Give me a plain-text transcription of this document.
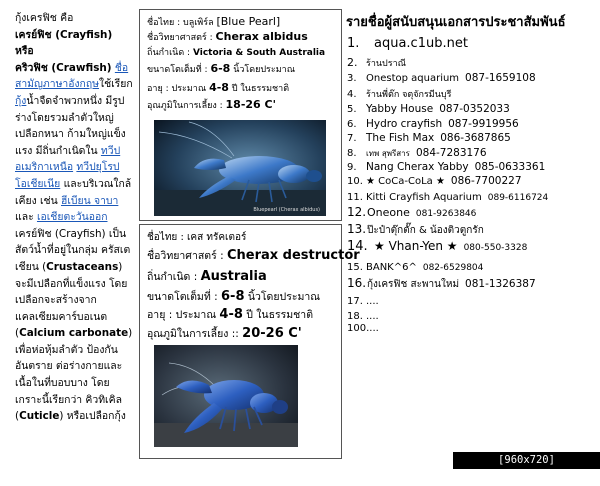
กุ้งเครฟิช คือ
เครย์ฟิช (Crayfish) หรือ
คริวฟิช (Crawfish) ชื่อสามัญภาษาอังกฤษใช้เรียก กุ้งน้ำจืดจำพวกหนึ่ง มีรูปร่างโดยรวมลำตัวใหญ่ เปลือกหนา ก้ามใหญ่แข็งแรง มีถิ่นกำเนิดใน ทวีปอเมริกาเหนือ ทวีปยุโรป โอเชียเนีย และบริเวณใกล้เคียง เช่น ฮีเบียน จาบา และ เอเชียตะวันออก

เครย์ฟิช (Crayfish) เป็นสัตว์น้ำที่อยู่ในกลุ่ม ครัสเตเชียน (Crustaceans) จะมีเปลือกที่แข็งแรง โดยเปลือกจะสร้างจากแคลเซียมคาร์บอเนต (Calcium carbonate) เพื่อห่อหุ้มลำตัว ป้องกันอันตราย ต่อร่างกายและเนื้อในที่บอบบาง โดยเกราะนี้เรียกว่า คิวทิเคิล (Cuticle) หรือเปลือกกุ้ง

ชื่อไทย : บลูเพิร์ล [Blue Pearl]
ชื่อวิทยาศาสตร์ : Cherax albidus
ถิ่นกำเนิด : Victoria & South Australia
ขนาดโตเต็มที่ : 6-8 นิ้วโดยประมาณ
อายุ : ประมาณ 4-8 ปี ในธรรมชาติ
อุณภูมิในการเลี้ยง : 18-26 C'
Bluepearl (Cherax albidus)
ชื่อไทย : เคส ทรัคเตอร์
ชื่อวิทยาศาสตร์ : Cherax destructor
ถิ่นกำเนิด : Australia
ขนาดโตเต็มที่ : 6-8 นิ้วโดยประมาณ
อายุ : ประมาณ 4-8 ปี ในธรรมชาติ
อุณภูมิในการเลี้ยง :: 20-26 C'
รายชื่อผู้สนับสนุนเอกสารประชาสัมพันธ์
1. aqua.c1ub.net
2. ร้านปราณี
3. Onestop aquarium 087-1659108
4. ร้านพี่ต๊ก จตุจักรมีนบุรี
5. Yabby House 087-0352033
6. Hydro crayfish 087-9919956
7. The Fish Max 086-3687865
8. เทพ สุพรีสาร 084-7283176
9. Nang Cherax Yabby 085-0633361
10. ★ CoCa-CoLa ★ 086-7700227
11. Kitti Crayfish Aquarium 089-6116724
12.Oneone 081-9263846
13.ป๊ะป๋าตุ๊กตั๊ก & น้องติวตูกรัก
14. ★ Vhan-Yen ★ 080-550-3328
15. BANK^6^ 082-6529804
16.กุ้งเครฟิช สะพานใหม่ 081-1326387
17. ....
18. ....
100....
[960x720] http://upic.me/
